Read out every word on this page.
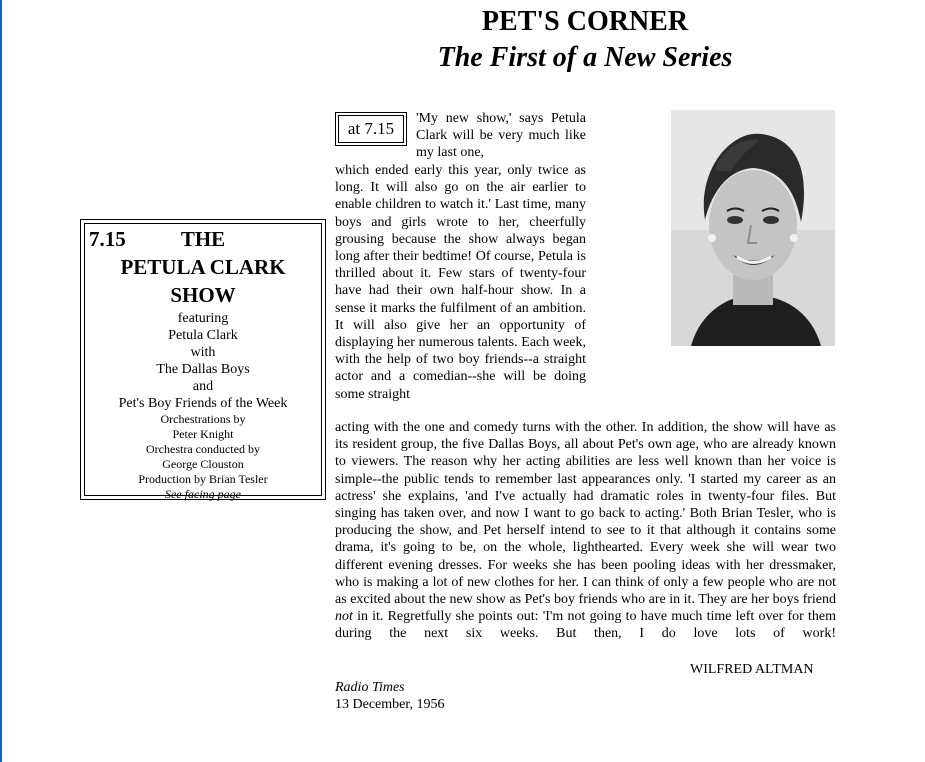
PET'S CORNER
The First of a New Series
7.15	THE
PETULA CLARK
SHOW
featuring
Petula Clark
with
The Dallas Boys
and
Pet's Boy Friends of the Week
Orchestrations by
Peter Knight
Orchestra conducted by
George Clouston
Production by Brian Tesler
See facing page
at 7.15
'My new show,' says Petula Clark will be very much like my last one,
which ended early this year, only twice as long. It will also go on the air earlier to enable children to watch it.' Last time, many boys and girls wrote to her, cheerfully grousing because the show always began long after their bedtime! Of course, Petula is thrilled about it. Few stars of twenty-four have had their own half-hour show. In a sense it marks the fulfilment of an ambition. It will also give her an opportunity of displaying her numerous talents. Each week, with the help of two boy friends--a straight actor and a comedian--she will be doing some straight
acting with the one and comedy turns with the other. In addition, the show will have as its resident group, the five Dallas Boys, all about Pet's own age, who are already known to viewers. The reason why her acting abilities are less well known than her voice is simple--the public tends to remember last appearances only. 'I started my career as an actress' she explains, 'and I've actually had dramatic roles in twenty-four files. But singing has taken over, and now I want to go back to acting.' Both Brian Tesler, who is producing the show, and Pet herself intend to see to it that although it contains some drama, it's going to be, on the whole, lighthearted. Every week she will wear two different evening dresses. For weeks she has been pooling ideas with her dressmaker, who is making a lot of new clothes for her. I can think of only a few people who are not as excited about the new show as Pet's boy friends who are in it. They are her boys friend not in it. Regretfully she points out: 'I'm not going to have much time left over for them during the next six weeks. But then, I do love lots of work!
WILFRED ALTMAN
Radio Times
13 December, 1956
